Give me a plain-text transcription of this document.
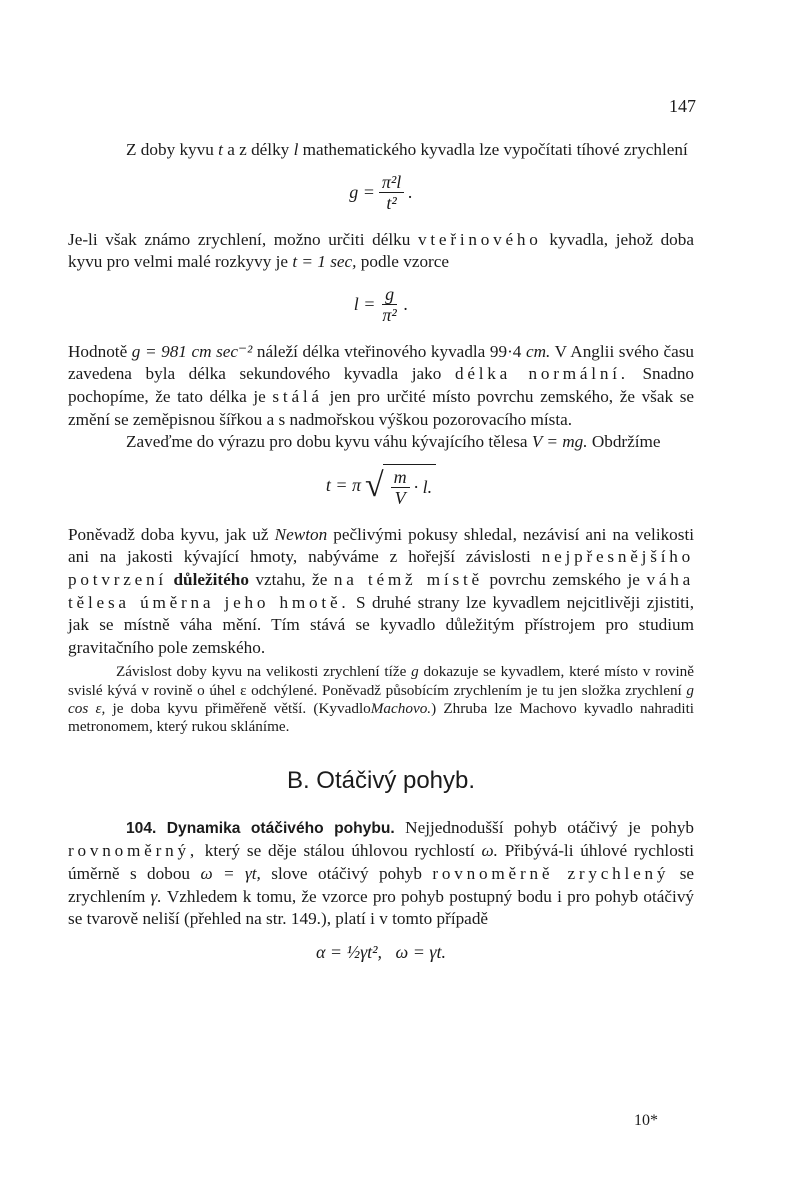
147

Z doby kyvu t a z délky l mathematického kyvadla lze vypočítati tíhové zrychlení

$g = \frac{\text{π²l}}{\text{t²}}$ .

Je-li však známo zrychlení, možno určiti délku vteřinového kyvadla, jehož doba kyvu pro velmi malé rozkyvy je t = 1 sec, podle vzorce

$l = \frac{g}{\text{π²}}$ .

Hodnotě g = 981 cm sec⁻² náleží délka vteřinového kyvadla 99·4 cm. V Anglii svého času zavedena byla délka sekundového kyvadla jako délka normální. Snadno pochopíme, že tato délka je stálá jen pro určité místo povrchu zemského, že však se změní se zeměpisnou šířkou a s nadmořskou výškou pozorovacího místa.

Zaveďme do výrazu pro dobu kyvu váhu kývajícího tělesa V = mg. Obdržíme

t = π √ $\frac{m}{V} \cdot l$.

Poněvadž doba kyvu, jak už Newton pečlivými pokusy shledal, nezávisí ani na velikosti ani na jakosti kývající hmoty, nabýváme z hořejší závislosti nejpřesnějšího potvrzení důležitého vztahu, že na témž místě povrchu zemského je váha tělesa úměrna jeho hmotě. S druhé strany lze kyvadlem nejcitlivěji zjistiti, jak se místně váha mění. Tím stává se kyvadlo důležitým přístrojem pro studium gravitačního pole zemského.

Závislost doby kyvu na velikosti zrychlení tíže g dokazuje se kyvadlem, které místo v rovině svislé kývá v rovině o úhel ε odchýlené. Poněvadž působícím zrychlením je tu jen složka zrychlení g cos ε, je doba kyvu přiměřeně větší. (KyvadloMachovo.) Zhruba lze Machovo kyvadlo nahraditi metronomem, který rukou skláníme.

B. Otáčivý pohyb.

104. Dynamika otáčivého pohybu. Nejjednodušší pohyb otáčivý je pohyb rovnoměrný, který se děje stálou úhlovou rychlostí ω. Přibývá-li úhlové rychlosti úměrně s dobou ω = γt, slove otáčivý pohyb rovnoměrně zrychlený se zrychlením γ. Vzhledem k tomu, že vzorce pro pohyb postupný bodu i pro pohyb otáčivý se tvarově neliší (přehled na str. 149.), platí i v tomto případě

α = ½γt²,   ω = γt.
10*
